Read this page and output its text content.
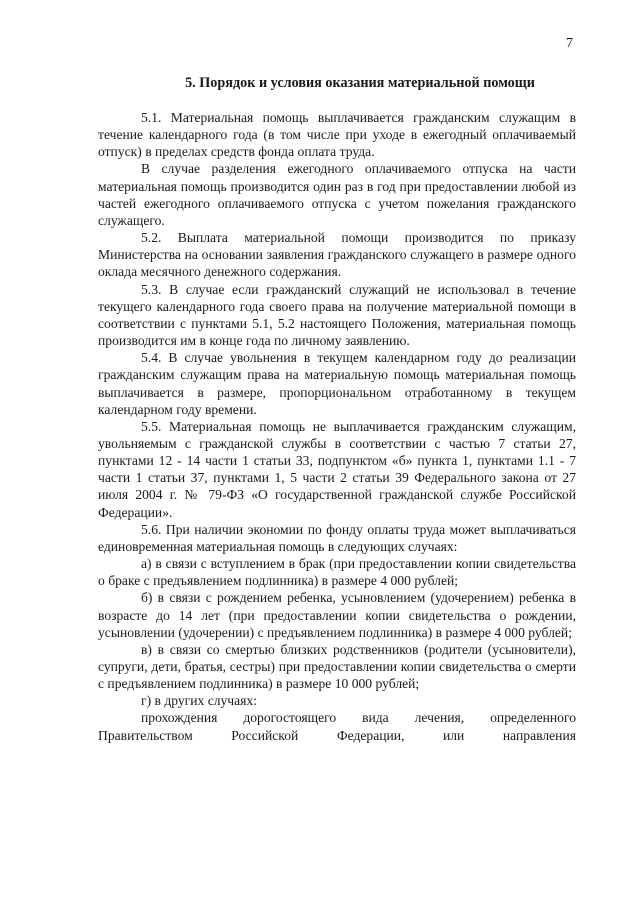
7
5. Порядок и условия оказания материальной помощи

5.1. Материальная помощь выплачивается гражданским служащим в течение календарного года (в том числе при уходе в ежегодный оплачиваемый отпуск) в пределах средств фонда оплата труда.

В случае разделения ежегодного оплачиваемого отпуска на части материальная помощь производится один раз в год при предоставлении любой из частей ежегодного оплачиваемого отпуска с учетом пожелания гражданского служащего.

5.2. Выплата материальной помощи производится по приказу Министерства на основании заявления гражданского служащего в размере одного оклада месячного денежного содержания.

5.3. В случае если гражданский служащий не использовал в течение текущего календарного года своего права на получение материальной помощи в соответствии с пунктами 5.1, 5.2 настоящего Положения, материальная помощь производится им в конце года по личному заявлению.

5.4. В случае увольнения в текущем календарном году до реализации гражданским служащим права на материальную помощь материальная помощь выплачивается в размере, пропорциональном отработанному в текущем календарном году времени.

5.5. Материальная помощь не выплачивается гражданским служащим, увольняемым с гражданской службы в соответствии с частью 7 статьи 27, пунктами 12 - 14 части 1 статьи 33, подпунктом «б» пункта 1, пунктами 1.1 - 7 части 1 статьи 37, пунктами 1, 5 части 2 статьи 39 Федерального закона от 27 июля 2004 г. № 79-ФЗ «О государственной гражданской службе Российской Федерации».

5.6. При наличии экономии по фонду оплаты труда может выплачиваться единовременная материальная помощь в следующих случаях:

а) в связи с вступлением в брак (при предоставлении копии свидетельства о браке с предъявлением подлинника) в размере 4 000 рублей;

б) в связи с рождением ребенка, усыновлением (удочерением) ребенка в возрасте до 14 лет (при предоставлении копии свидетельства о рождении, усыновлении (удочерении) с предъявлением подлинника) в размере 4 000 рублей;

в) в связи со смертью близких родственников (родители (усыновители), супруги, дети, братья, сестры) при предоставлении копии свидетельства о смерти с предъявлением подлинника) в размере 10 000 рублей;

г) в других случаях:

прохождения дорогостоящего вида лечения, определенного Правительством Российской Федерации, или направления
